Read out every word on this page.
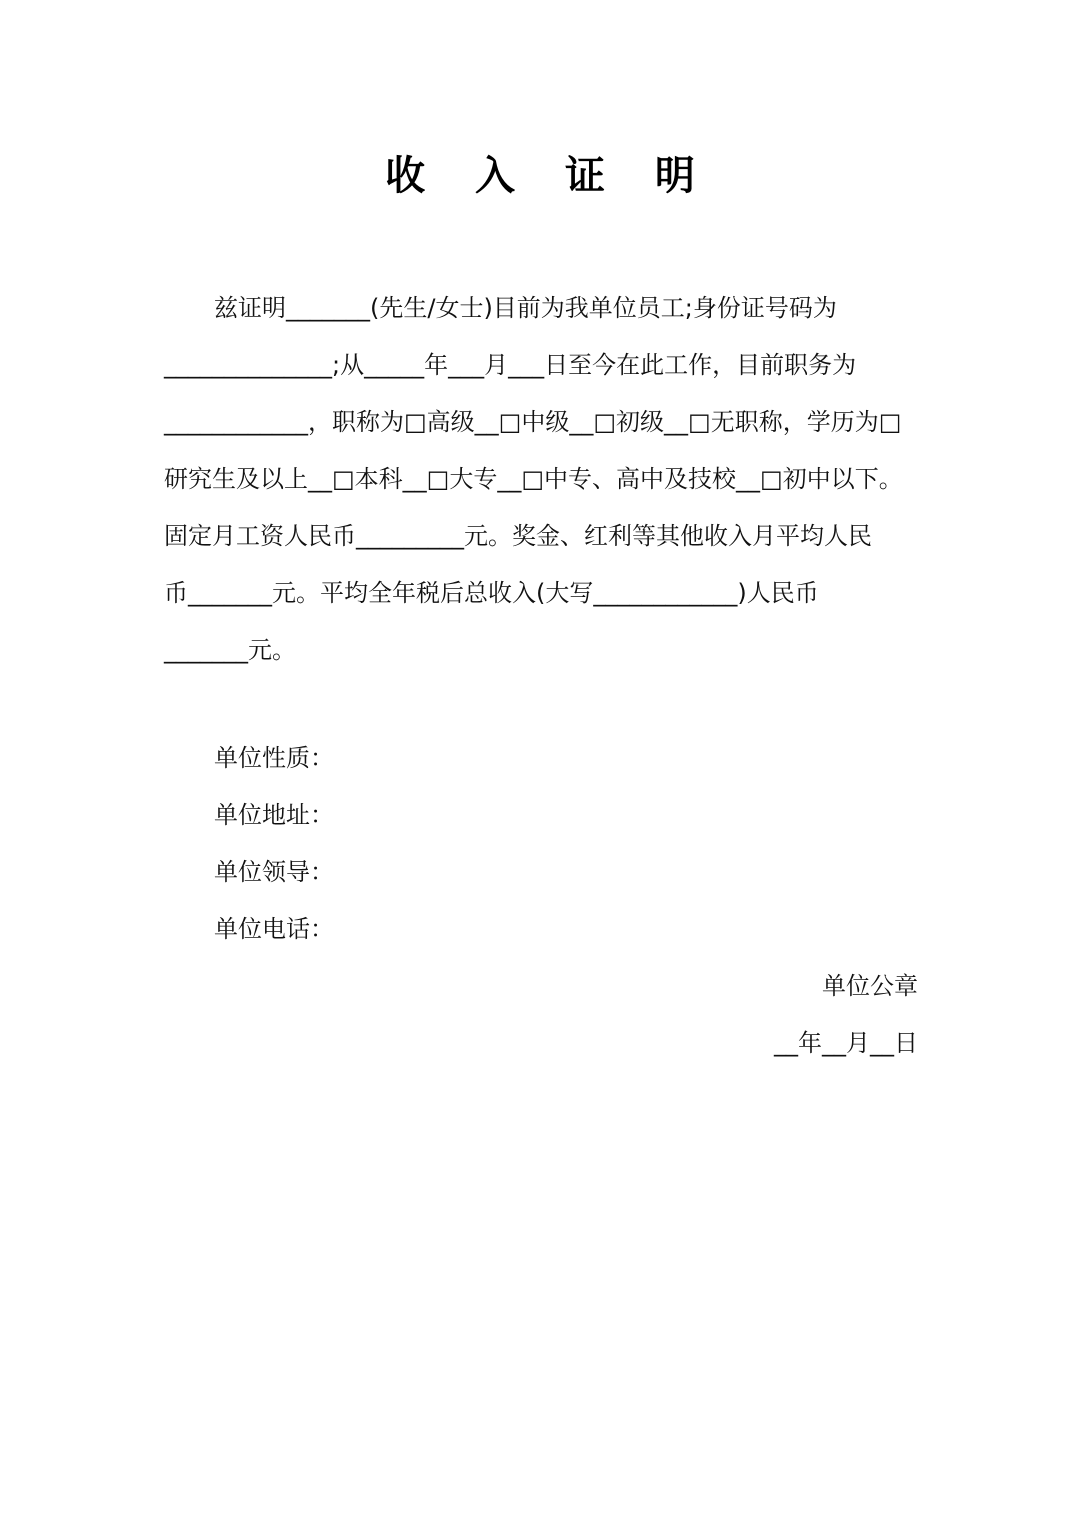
收 入 证 明
兹证明_______(先生/女士)目前为我单位员工;身份证号码为
______________;从_____年___月___日至今在此工作，目前职务为
____________，职称为□高级__□中级__□初级__□无职称，学历为□
研究生及以上__□本科__□大专__□中专、高中及技校__□初中以下。
固定月工资人民币_________元。奖金、红利等其他收入月平均人民
币_______元。平均全年税后总收入(大写____________)人民币
_______元。
单位性质：
单位地址：
单位领导：
单位电话：
单位公章
__年__月__日
